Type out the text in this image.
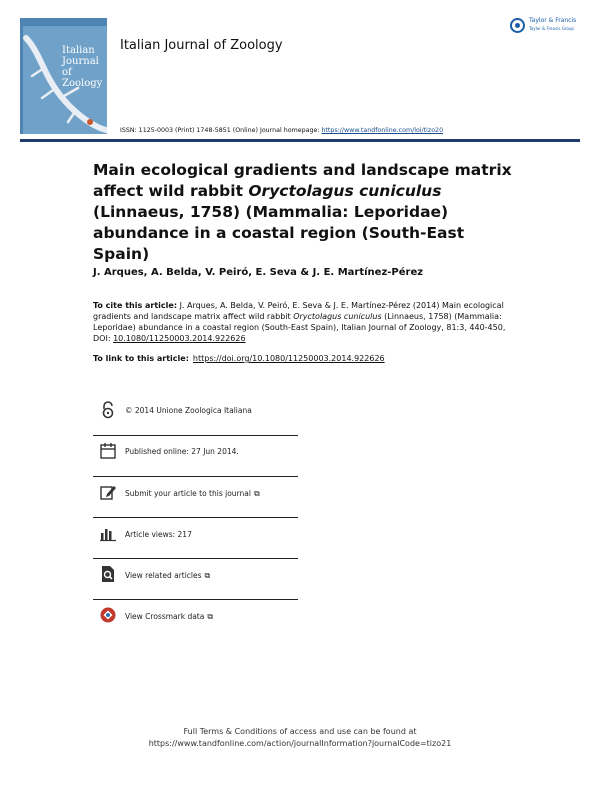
Italian Journal of Zoology
Italian Journal of Zoology
Taylor & Francis
Taylor & Francis Group
ISSN: 1125-0003 (Print) 1748-5851 (Online) Journal homepage: https://www.tandfonline.com/loi/tizo20
Main ecological gradients and landscape matrix affect wild rabbit Oryctolagus cuniculus (Linnaeus, 1758) (Mammalia: Leporidae) abundance in a coastal region (South-East Spain)
J. Arques, A. Belda, V. Peiró, E. Seva & J. E. Martínez-Pérez
To cite this article: J. Arques, A. Belda, V. Peiró, E. Seva & J. E. Martínez-Pérez (2014) Main ecological gradients and landscape matrix affect wild rabbit Oryctolagus cuniculus (Linnaeus, 1758) (Mammalia: Leporidae) abundance in a coastal region (South-East Spain), Italian Journal of Zoology, 81:3, 440-450, DOI: 10.1080/11250003.2014.922626
To link to this article: https://doi.org/10.1080/11250003.2014.922626
© 2014 Unione Zoologica Italiana
Published online: 27 Jun 2014.
Submit your article to this journal ⧉
Article views: 217
View related articles ⧉
View Crossmark data ⧉
Full Terms & Conditions of access and use can be found at
https://www.tandfonline.com/action/journalInformation?journalCode=tizo21
